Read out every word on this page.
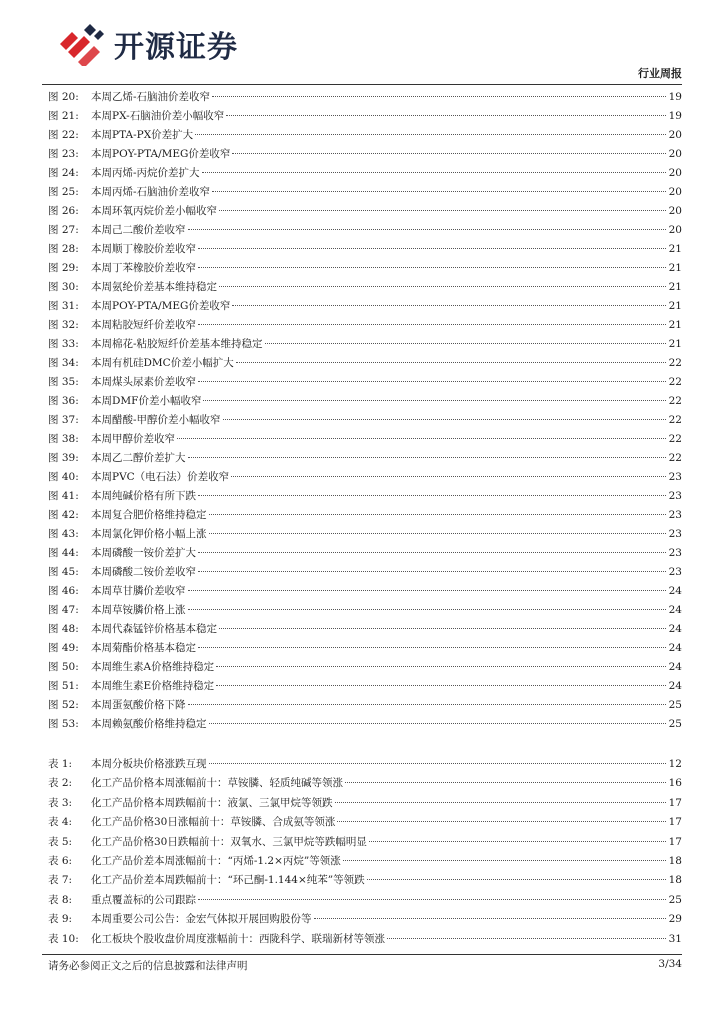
开源证券
行业周报
图 20:	本周乙烯-石脑油价差收窄	19
图 21:	本周PX-石脑油价差小幅收窄	19
图 22:	本周PTA-PX价差扩大	20
图 23:	本周POY-PTA/MEG价差收窄	20
图 24:	本周丙烯-丙烷价差扩大	20
图 25:	本周丙烯-石脑油价差收窄	20
图 26:	本周环氧丙烷价差小幅收窄	20
图 27:	本周己二酸价差收窄	20
图 28:	本周顺丁橡胶价差收窄	21
图 29:	本周丁苯橡胶价差收窄	21
图 30:	本周氨纶价差基本维持稳定	21
图 31:	本周POY-PTA/MEG价差收窄	21
图 32:	本周粘胶短纤价差收窄	21
图 33:	本周棉花-粘胶短纤价差基本维持稳定	21
图 34:	本周有机硅DMC价差小幅扩大	22
图 35:	本周煤头尿素价差收窄	22
图 36:	本周DMF价差小幅收窄	22
图 37:	本周醋酸-甲醇价差小幅收窄	22
图 38:	本周甲醇价差收窄	22
图 39:	本周乙二醇价差扩大	22
图 40:	本周PVC（电石法）价差收窄	23
图 41:	本周纯碱价格有所下跌	23
图 42:	本周复合肥价格维持稳定	23
图 43:	本周氯化钾价格小幅上涨	23
图 44:	本周磷酸一铵价差扩大	23
图 45:	本周磷酸二铵价差收窄	23
图 46:	本周草甘膦价差收窄	24
图 47:	本周草铵膦价格上涨	24
图 48:	本周代森锰锌价格基本稳定	24
图 49:	本周菊酯价格基本稳定	24
图 50:	本周维生素A价格维持稳定	24
图 51:	本周维生素E价格维持稳定	24
图 52:	本周蛋氨酸价格下降	25
图 53:	本周赖氨酸价格维持稳定	25
表 1:	本周分板块价格涨跌互现	12
表 2:	化工产品价格本周涨幅前十：草铵膦、轻质纯碱等领涨	16
表 3:	化工产品价格本周跌幅前十：液氯、三氯甲烷等领跌	17
表 4:	化工产品价格30日涨幅前十：草铵膦、合成氨等领涨	17
表 5:	化工产品价格30日跌幅前十：双氧水、三氯甲烷等跌幅明显	17
表 6:	化工产品价差本周涨幅前十：“丙烯-1.2×丙烷”等领涨	18
表 7:	化工产品价差本周跌幅前十：“环己酮-1.144×纯苯”等领跌	18
表 8:	重点覆盖标的公司跟踪	25
表 9:	本周重要公司公告：金宏气体拟开展回购股份等	29
表 10:	化工板块个股收盘价周度涨幅前十：西陇科学、联瑞新材等领涨	31
请务必参阅正文之后的信息披露和法律声明	3/34
